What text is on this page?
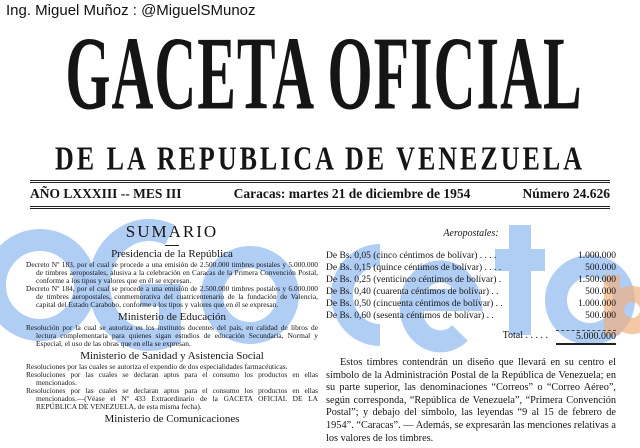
Ing. Miguel Muñoz : @MiguelSMunoz
GACETA OFICIAL
DE LA REPUBLICA DE VENEZUELA
AÑO LXXXIII -- MES III	Caracas: martes 21 de diciembre de 1954	Número 24.626
SUMARIO
Presidencia de la República
Decreto Nº 183, por el cual se procede a una emisión de 2.500.000 timbres postales y 5.000.000 de timbres aeropostales, alusiva a la celebración en Caracas de la Primera Convención Postal, conforme a los tipos y valores que en él se expresan.
Decreto Nº 184, por el cual se procede a una emisión de 2.500.000 timbres postales y 6.000.000 de timbres aeropostales, conmemorativa del cuatricentenario de la fundación de Valencia, capital del Estado Carabobo, conforme a los tipos y valores que en él se expresan.
Ministerio de Educación
Resolución por la cual se autoriza en los institutos docentes del país, en calidad de libros de lectura complementaria para quienes sigan estudios de educación Secundaria, Normal y Especial, el uso de las obras que en ella se expresan.
Ministerio de Sanidad y Asistencia Social
Resoluciones por las cuales se autoriza el expendio de dos especialidades farmacéuticas.
Resoluciones por las cuales se declaran aptos para el consumo los productos en ellas mencionados.
Resoluciones por las cuales se declaran aptos para el consumo los productos en ellas mencionados.—(Véase el Nº 433 Extraordinario de la GACETA OFICIAL DE LA REPÚBLICA DE VENEZUELA, de esta misma fecha).
Ministerio de Comunicaciones
Aeropostales:
De Bs. 0,05 (cinco céntimos de bolívar) . . . .	1.000.000
De Bs. 0,15 (quince céntimos de bolívar) . . . .	500.000
De Bs. 0,25 (venticinco céntimos de bolívar) .	1.500.000
De Bs. 0,40 (cuarenta céntimos de bolívar) . .	500.000
De Bs. 0,50 (cincuenta céntimos de bolívar) . .	1.000.000
De Bs. 0,60 (sesenta céntimos de bolívar) . .	500.000
Total . . . . .	5.000.000
Estos timbres contendrán un diseño que llevará en su centro el símbolo de la Administración Postal de la República de Venezuela; en su parte superior, las denominaciones “Correos” o “Correo Aéreo”, según corresponda, “República de Venezuela”, “Primera Convención Postal”; y debajo del símbolo, las leyendas “9 al 15 de febrero de 1954”. “Caracas”. — Además, se expresarán las menciones relativas a los valores de los timbres.
